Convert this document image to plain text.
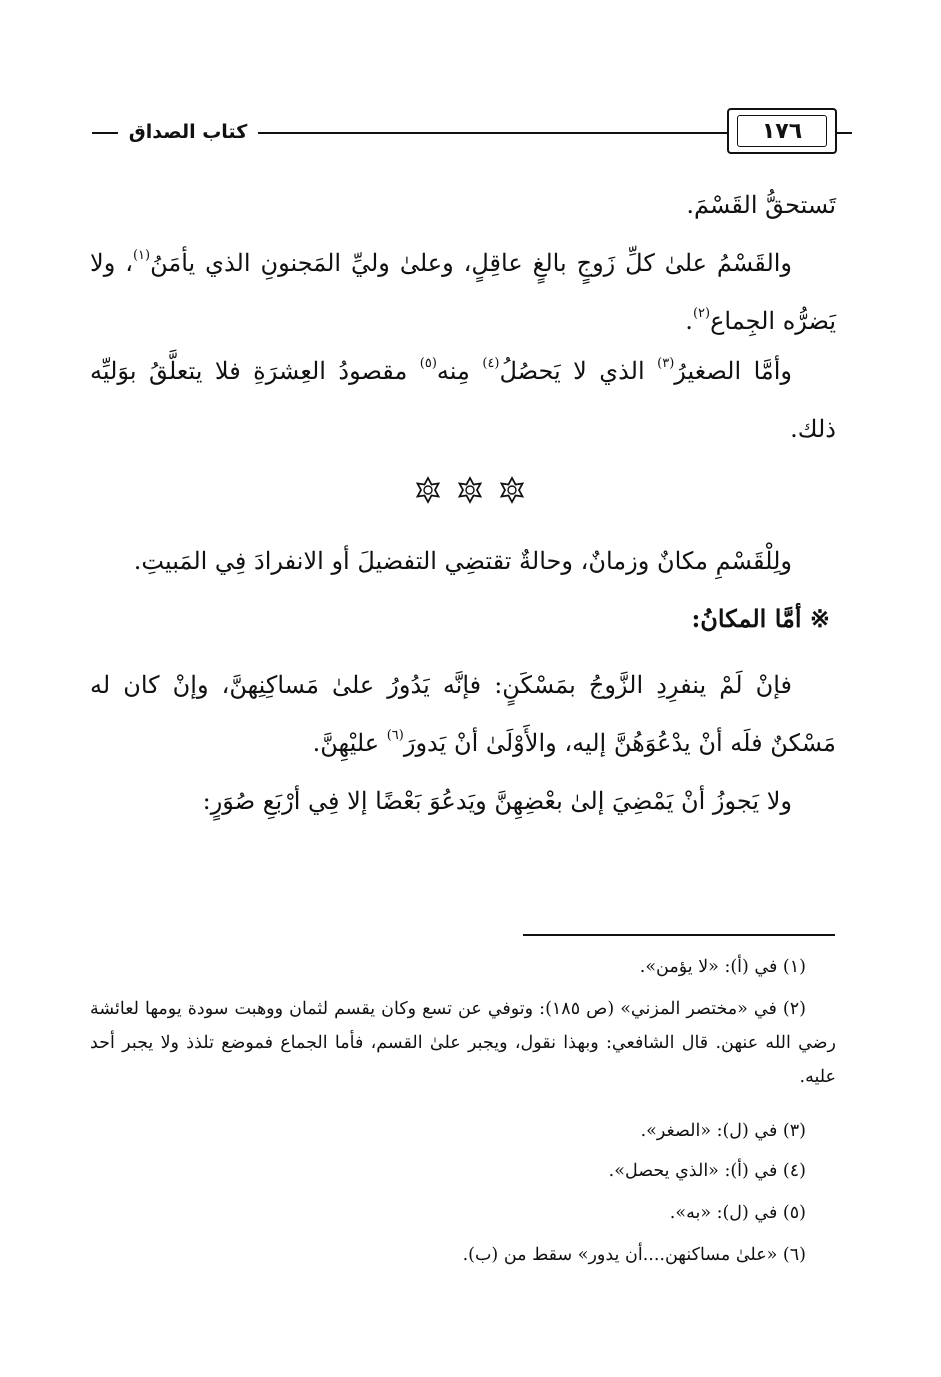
١٧٦
كتاب الصداق
تَستحقُّ القَسْمَ.
والقَسْمُ علىٰ كلِّ زَوجٍ بالغٍ عاقِلٍ، وعلىٰ وليِّ المَجنونِ الذي يأمَنُ$^{(١)}$، ولا يَضرُّه الجِماع$^{(٢)}$.
وأمَّا الصغيرُ$^{(٣)}$ الذي لا يَحصُلُ$^{(٤)}$ مِنه$^{(٥)}$ مقصودُ العِشرَةِ فلا يتعلَّقُ بوَليِّه ذلك.
ولِلْقَسْمِ مكانٌ وزمانٌ، وحالةٌ تقتضِي التفضيلَ أو الانفرادَ فِي المَبيتِ.
※ أمَّا المكانُ:
فإنْ لَمْ ينفرِدِ الزَّوجُ بمَسْكَنٍ: فإنَّه يَدُورُ علىٰ مَساكِنِهنَّ، وإنْ كان له مَسْكنٌ فلَه أنْ يدْعُوَهُنَّ إليه، والأَوْلَىٰ أنْ يَدورَ$^{(٦)}$ عليْهِنَّ.
ولا يَجوزُ أنْ يَمْضِيَ إلىٰ بعْضِهِنَّ ويَدعُوَ بَعْضًا إلا فِي أرْبَعِ صُوَرٍ:
(١) في (أ): «لا يؤمن».
(٢) في «مختصر المزني» (ص ١٨٥): وتوفي عن تسع وكان يقسم لثمان ووهبت سودة يومها لعائشة رضي الله عنهن. قال الشافعي: وبهذا نقول، ويجبر علىٰ القسم، فأما الجماع فموضع تلذذ ولا يجبر أحد عليه.
(٣) في (ل): «الصغر».
(٤) في (أ): «الذي يحصل».
(٥) في (ل): «به».
(٦) «علىٰ مساكنهن....أن يدور» سقط من (ب).
